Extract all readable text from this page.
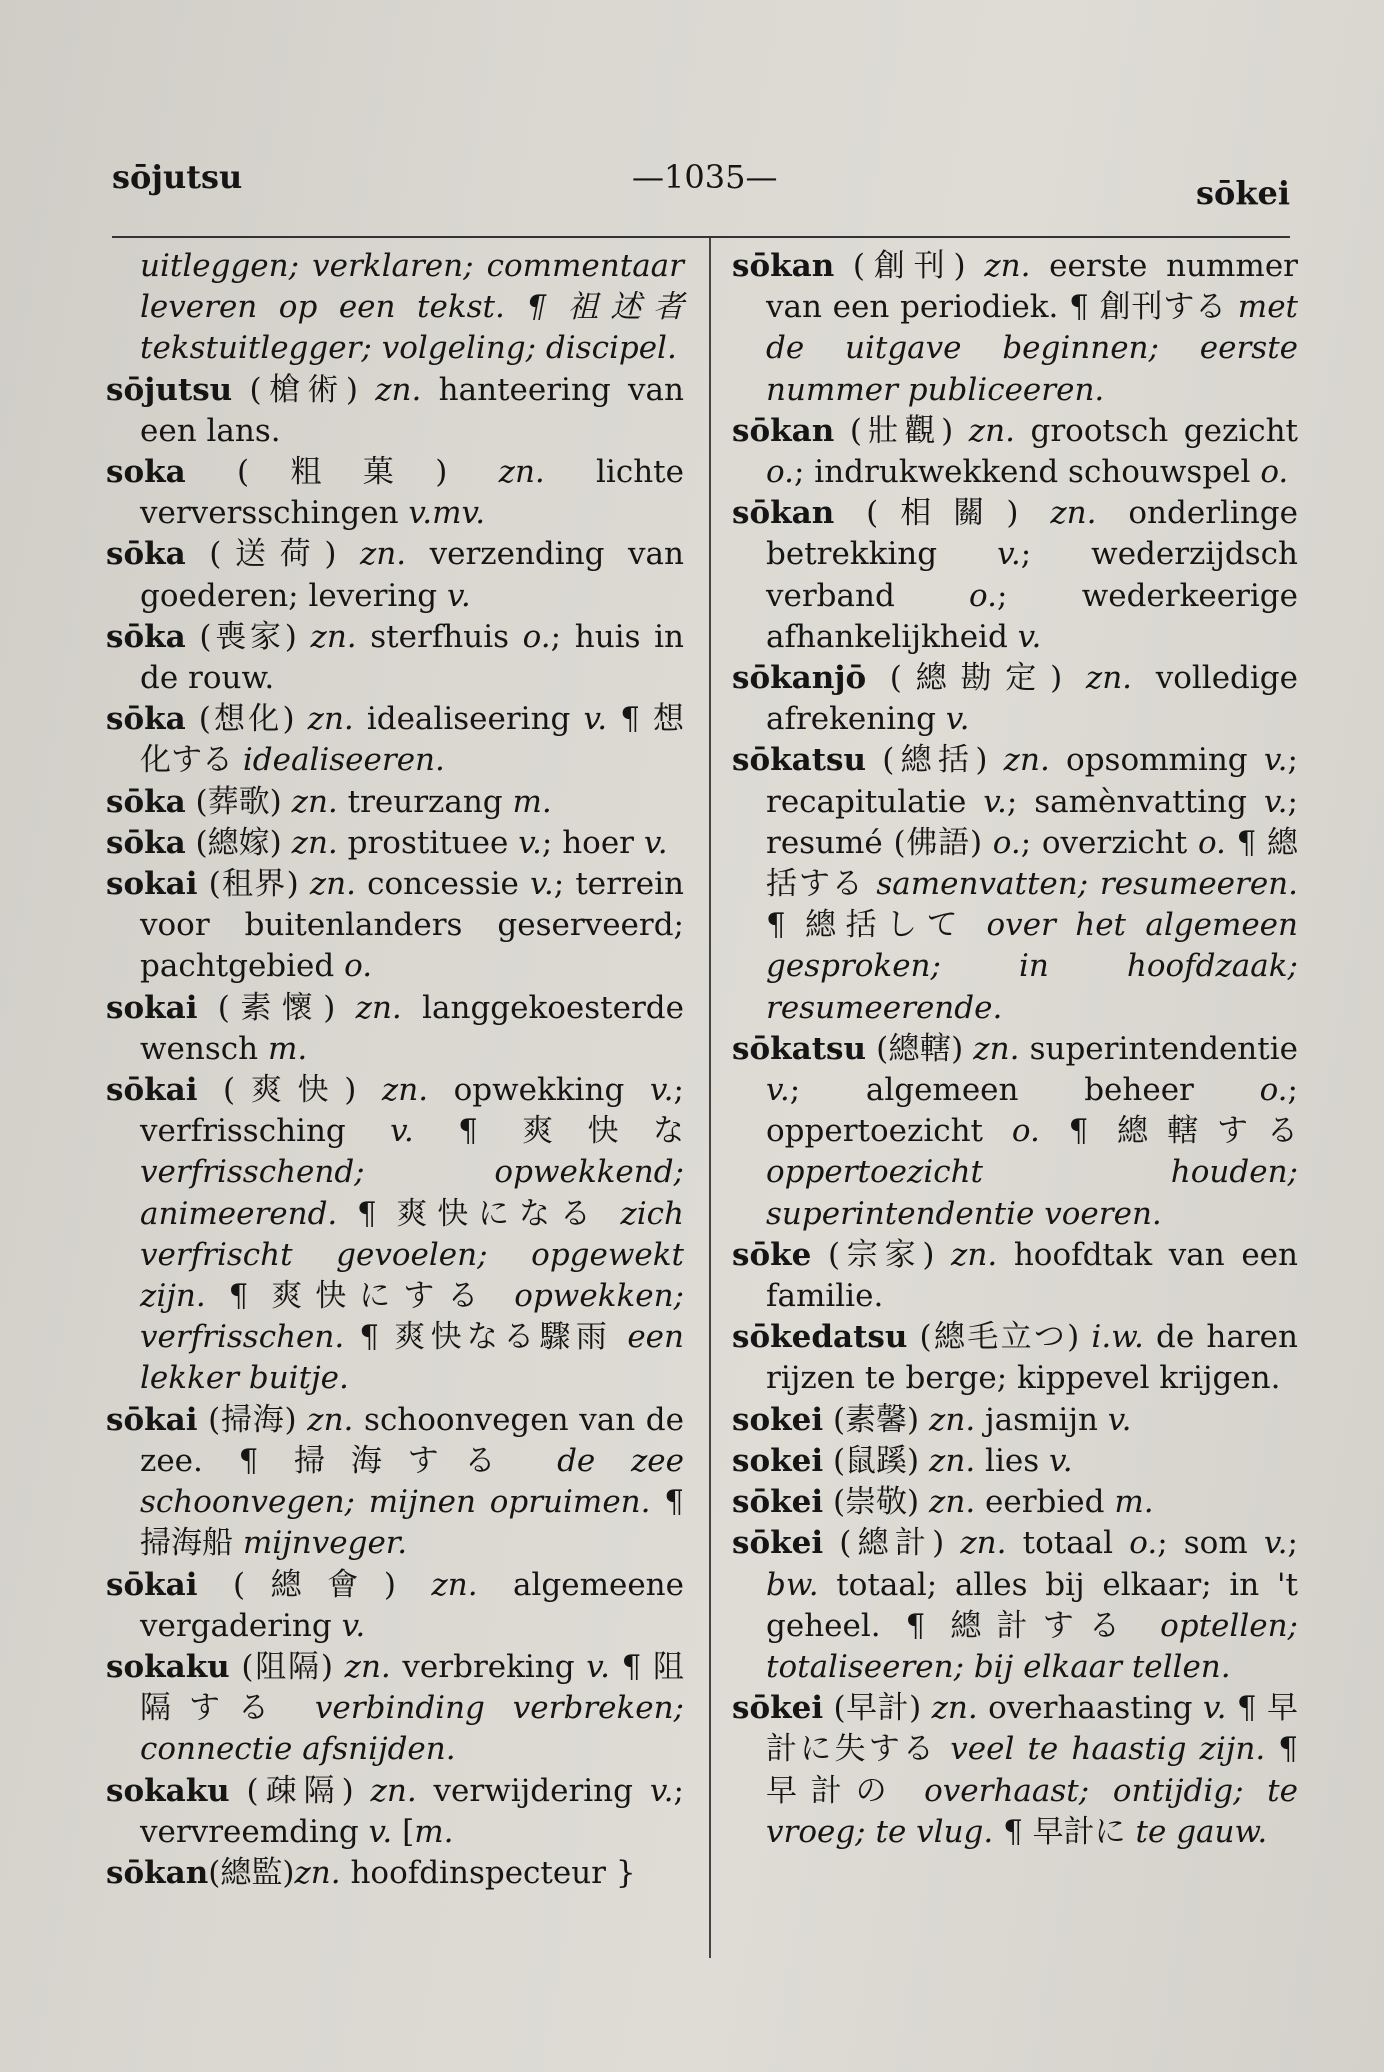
sōjutsu	—1035—	sōkei

uitleggen; verklaren; commentaar leveren op een tekst. ¶ 祖述者 tekstuitlegger; volgeling; discipel.

sōjutsu (槍術) zn. hanteering van een lans.

soka (粗菓) zn. lichte verversschingen v.mv.

sōka (送荷) zn. verzending van goederen; levering v.

sōka (喪家) zn. sterfhuis o.; huis in de rouw.

sōka (想化) zn. idealiseering v. ¶ 想化する idealiseeren.

sōka (葬歌) zn. treurzang m.

sōka (總嫁) zn. prostituee v.; hoer v.

sokai (租界) zn. concessie v.; terrein voor buitenlanders geserveerd; pachtgebied o.

sokai (素懷) zn. langgekoesterde wensch m.

sōkai (爽快) zn. opwekking v.; verfrissching v. ¶ 爽快な verfrisschend; opwekkend; animeerend. ¶ 爽快になる zich verfrischt gevoelen; opgewekt zijn. ¶ 爽快にする opwekken; verfrisschen. ¶ 爽快なる驟雨 een lekker buitje.

sōkai (掃海) zn. schoonvegen van de zee. ¶ 掃海する de zee schoonvegen; mijnen opruimen. ¶ 掃海船 mijnveger.

sōkai (總會) zn. algemeene vergadering v.

sokaku (阻隔) zn. verbreking v. ¶ 阻隔する verbinding verbreken; connectie afsnijden.

sokaku (疎隔) zn. verwijdering v.; vervreemding v. [m.

sōkan(總監)zn. hoofdinspecteur }

sōkan (創刊) zn. eerste nummer van een periodiek. ¶ 創刊する met de uitgave beginnen; eerste nummer publiceeren.

sōkan (壯觀) zn. grootsch gezicht o.; indrukwekkend schouwspel o.

sōkan (相關) zn. onderlinge betrekking v.; wederzijdsch verband o.; wederkeerige afhankelijkheid v.

sōkanjō (總勘定) zn. volledige afrekening v.

sōkatsu (總括) zn. opsomming v.; recapitulatie v.; samènvatting v.; resumé (佛語) o.; overzicht o. ¶ 總括する samenvatten; resumeeren. ¶ 總括して over het algemeen gesproken; in hoofdzaak; resumeerende.

sōkatsu (總轄) zn. superintendentie v.; algemeen beheer o.; oppertoezicht o. ¶ 總轄する oppertoezicht houden; superintendentie voeren.

sōke (宗家) zn. hoofdtak van een familie.

sōkedatsu (總毛立つ) i.w. de haren rijzen te berge; kippevel krijgen.

sokei (素馨) zn. jasmijn v.

sokei (鼠蹊) zn. lies v.

sōkei (崇敬) zn. eerbied m.

sōkei (總計) zn. totaal o.; som v.; bw. totaal; alles bij elkaar; in 't geheel. ¶ 總計する optellen; totaliseeren; bij elkaar tellen.

sōkei (早計) zn. overhaasting v. ¶ 早計に失する veel te haastig zijn. ¶ 早計の overhaast; ontijdig; te vroeg; te vlug. ¶ 早計に te gauw.
